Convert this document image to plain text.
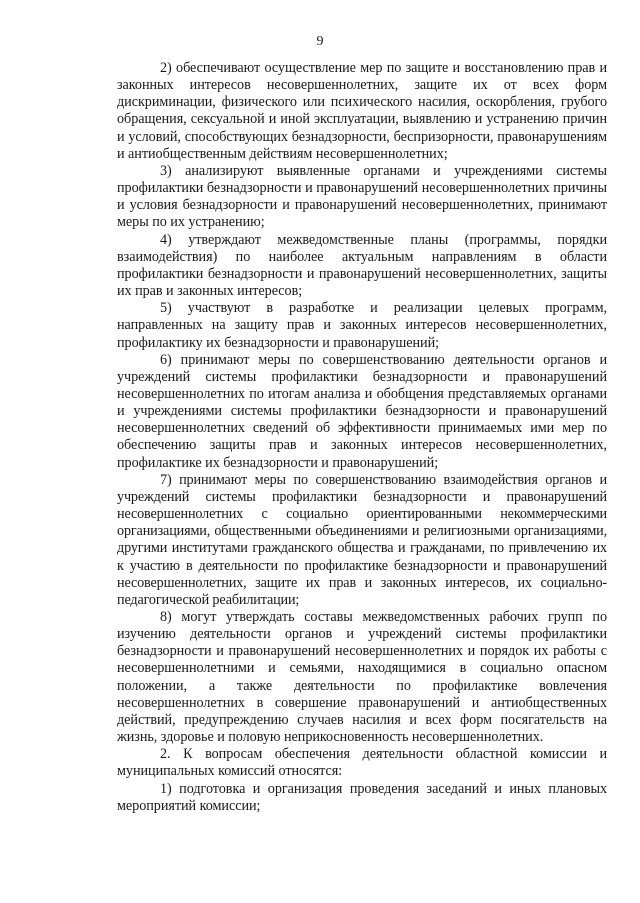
9

2) обеспечивают осуществление мер по защите и восстановлению прав и законных интересов несовершеннолетних, защите их от всех форм дискриминации, физического или психического насилия, оскорбления, грубого обращения, сексуальной и иной эксплуатации, выявлению и устранению причин и условий, способствующих безнадзорности, беспризорности, правонарушениям и антиобщественным действиям несовершеннолетних;

3) анализируют выявленные органами и учреждениями системы профилактики безнадзорности и правонарушений несовершеннолетних причины и условия безнадзорности и правонарушений несовершеннолетних, принимают меры по их устранению;

4) утверждают межведомственные планы (программы, порядки взаимодействия) по наиболее актуальным направлениям в области профилактики безнадзорности и правонарушений несовершеннолетних, защиты их прав и законных интересов;

5) участвуют в разработке и реализации целевых программ, направленных на защиту прав и законных интересов несовершеннолетних, профилактику их безнадзорности и правонарушений;

6) принимают меры по совершенствованию деятельности органов и учреждений системы профилактики безнадзорности и правонарушений несовершеннолетних по итогам анализа и обобщения представляемых органами и учреждениями системы профилактики безнадзорности и правонарушений несовершеннолетних сведений об эффективности принимаемых ими мер по обеспечению защиты прав и законных интересов несовершеннолетних, профилактике их безнадзорности и правонарушений;

7) принимают меры по совершенствованию взаимодействия органов и учреждений системы профилактики безнадзорности и правонарушений несовершеннолетних с социально ориентированными некоммерческими организациями, общественными объединениями и религиозными организациями, другими институтами гражданского общества и гражданами, по привлечению их к участию в деятельности по профилактике безнадзорности и правонарушений несовершеннолетних, защите их прав и законных интересов, их социально-педагогической реабилитации;

8) могут утверждать составы межведомственных рабочих групп по изучению деятельности органов и учреждений системы профилактики безнадзорности и правонарушений несовершеннолетних и порядок их работы с несовершеннолетними и семьями, находящимися в социально опасном положении, а также деятельности по профилактике вовлечения несовершеннолетних в совершение правонарушений и антиобщественных действий, предупреждению случаев насилия и всех форм посягательств на жизнь, здоровье и половую неприкосновенность несовершеннолетних.

2. К вопросам обеспечения деятельности областной комиссии и муниципальных комиссий относятся:

1) подготовка и организация проведения заседаний и иных плановых мероприятий комиссии;
